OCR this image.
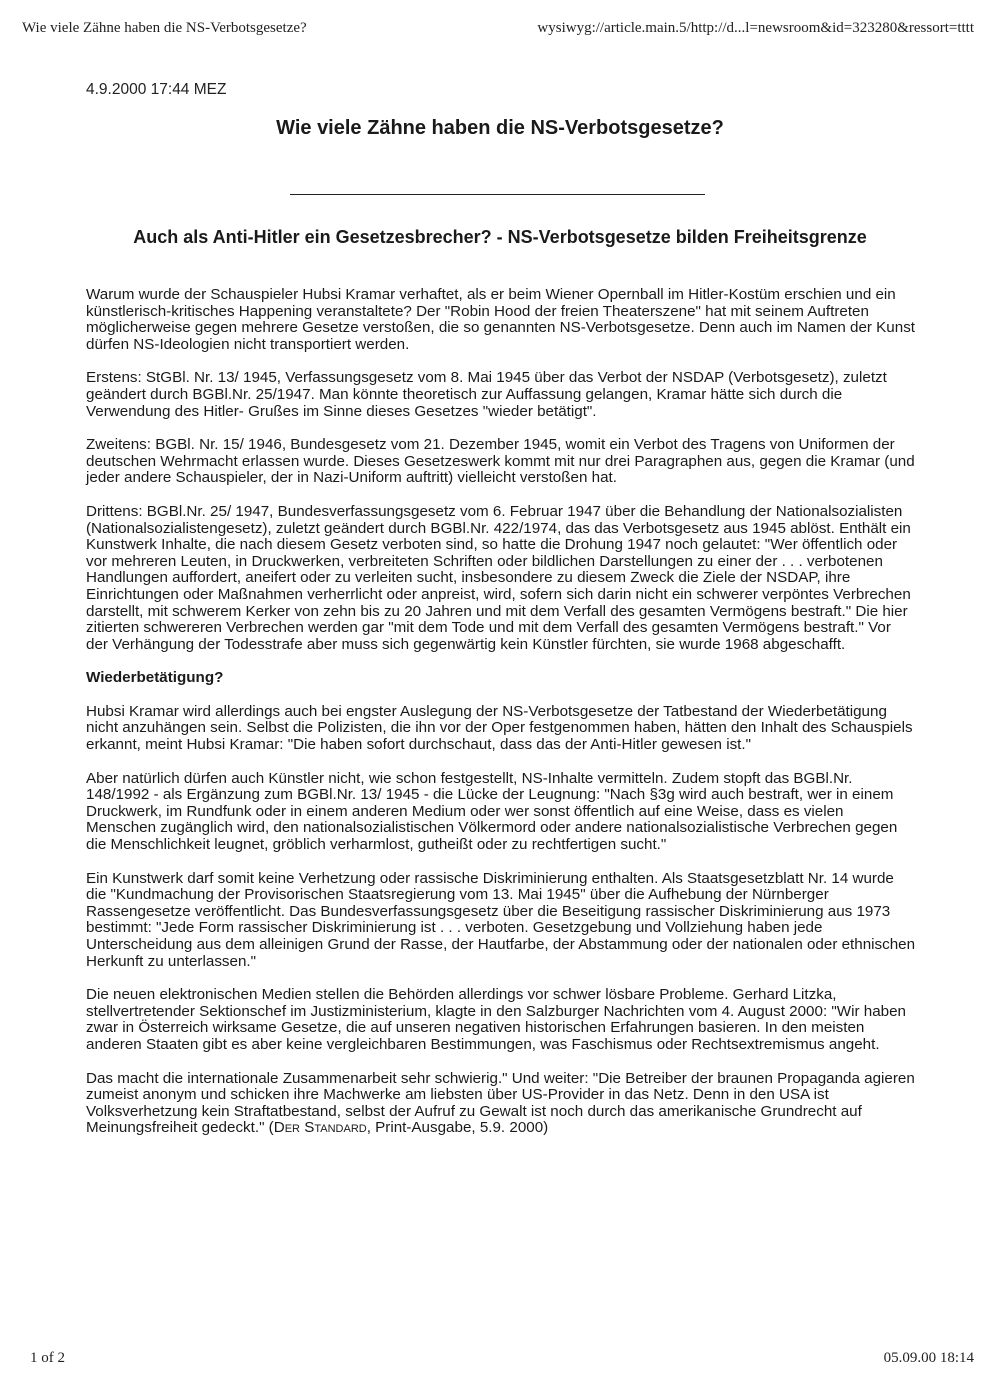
Wie viele Zähne haben die NS-Verbotsgesetze?	wysiwyg://article.main.5/http://d...l=newsroom&id=323280&ressort=tttt
4.9.2000 17:44 MEZ
Wie viele Zähne haben die NS-Verbotsgesetze?
Auch als Anti-Hitler ein Gesetzesbrecher? - NS-Verbotsgesetze bilden Freiheitsgrenze

Warum wurde der Schauspieler Hubsi Kramar verhaftet, als er beim Wiener Opernball im Hitler-Kostüm erschien und ein künstlerisch-kritisches Happening veranstaltete? Der "Robin Hood der freien Theaterszene" hat mit seinem Auftreten möglicherweise gegen mehrere Gesetze verstoßen, die so genannten NS-Verbotsgesetze. Denn auch im Namen der Kunst dürfen NS-Ideologien nicht transportiert werden.

Erstens: StGBl. Nr. 13/ 1945, Verfassungsgesetz vom 8. Mai 1945 über das Verbot der NSDAP (Verbotsgesetz), zuletzt geändert durch BGBl.Nr. 25/1947. Man könnte theoretisch zur Auffassung gelangen, Kramar hätte sich durch die Verwendung des Hitler- Grußes im Sinne dieses Gesetzes "wieder betätigt".

Zweitens: BGBl. Nr. 15/ 1946, Bundesgesetz vom 21. Dezember 1945, womit ein Verbot des Tragens von Uniformen der deutschen Wehrmacht erlassen wurde. Dieses Gesetzeswerk kommt mit nur drei Paragraphen aus, gegen die Kramar (und jeder andere Schauspieler, der in Nazi-Uniform auftritt) vielleicht verstoßen hat.

Drittens: BGBl.Nr. 25/ 1947, Bundesverfassungsgesetz vom 6. Februar 1947 über die Behandlung der Nationalsozialisten (Nationalsozialistengesetz), zuletzt geändert durch BGBl.Nr. 422/1974, das das Verbotsgesetz aus 1945 ablöst. Enthält ein Kunstwerk Inhalte, die nach diesem Gesetz verboten sind, so hatte die Drohung 1947 noch gelautet: "Wer öffentlich oder vor mehreren Leuten, in Druckwerken, verbreiteten Schriften oder bildlichen Darstellungen zu einer der . . . verbotenen Handlungen auffordert, aneifert oder zu verleiten sucht, insbesondere zu diesem Zweck die Ziele der NSDAP, ihre Einrichtungen oder Maßnahmen verherrlicht oder anpreist, wird, sofern sich darin nicht ein schwerer verpöntes Verbrechen darstellt, mit schwerem Kerker von zehn bis zu 20 Jahren und mit dem Verfall des gesamten Vermögens bestraft." Die hier zitierten schwereren Verbrechen werden gar "mit dem Tode und mit dem Verfall des gesamten Vermögens bestraft." Vor der Verhängung der Todesstrafe aber muss sich gegenwärtig kein Künstler fürchten, sie wurde 1968 abgeschafft.

Wiederbetätigung?

Hubsi Kramar wird allerdings auch bei engster Auslegung der NS-Verbotsgesetze der Tatbestand der Wiederbetätigung nicht anzuhängen sein. Selbst die Polizisten, die ihn vor der Oper festgenommen haben, hätten den Inhalt des Schauspiels erkannt, meint Hubsi Kramar: "Die haben sofort durchschaut, dass das der Anti-Hitler gewesen ist."

Aber natürlich dürfen auch Künstler nicht, wie schon festgestellt, NS-Inhalte vermitteln. Zudem stopft das BGBl.Nr. 148/1992 - als Ergänzung zum BGBl.Nr. 13/ 1945 - die Lücke der Leugnung: "Nach §3g wird auch bestraft, wer in einem Druckwerk, im Rundfunk oder in einem anderen Medium oder wer sonst öffentlich auf eine Weise, dass es vielen Menschen zugänglich wird, den nationalsozialistischen Völkermord oder andere nationalsozialistische Verbrechen gegen die Menschlichkeit leugnet, gröblich verharmlost, gutheißt oder zu rechtfertigen sucht."

Ein Kunstwerk darf somit keine Verhetzung oder rassische Diskriminierung enthalten. Als Staatsgesetzblatt Nr. 14 wurde die "Kundmachung der Provisorischen Staatsregierung vom 13. Mai 1945" über die Aufhebung der Nürnberger Rassengesetze veröffentlicht. Das Bundesverfassungsgesetz über die Beseitigung rassischer Diskriminierung aus 1973 bestimmt: "Jede Form rassischer Diskriminierung ist . . . verboten. Gesetzgebung und Vollziehung haben jede Unterscheidung aus dem alleinigen Grund der Rasse, der Hautfarbe, der Abstammung oder der nationalen oder ethnischen Herkunft zu unterlassen."

Die neuen elektronischen Medien stellen die Behörden allerdings vor schwer lösbare Probleme. Gerhard Litzka, stellvertretender Sektionschef im Justizministerium, klagte in den Salzburger Nachrichten vom 4. August 2000: "Wir haben zwar in Österreich wirksame Gesetze, die auf unseren negativen historischen Erfahrungen basieren. In den meisten anderen Staaten gibt es aber keine vergleichbaren Bestimmungen, was Faschismus oder Rechtsextremismus angeht.

Das macht die internationale Zusammenarbeit sehr schwierig." Und weiter: "Die Betreiber der braunen Propaganda agieren zumeist anonym und schicken ihre Machwerke am liebsten über US-Provider in das Netz. Denn in den USA ist Volksverhetzung kein Straftatbestand, selbst der Aufruf zu Gewalt ist noch durch das amerikanische Grundrecht auf Meinungsfreiheit gedeckt." (Der Standard, Print-Ausgabe, 5.9. 2000)

1 of 2	05.09.00 18:14
